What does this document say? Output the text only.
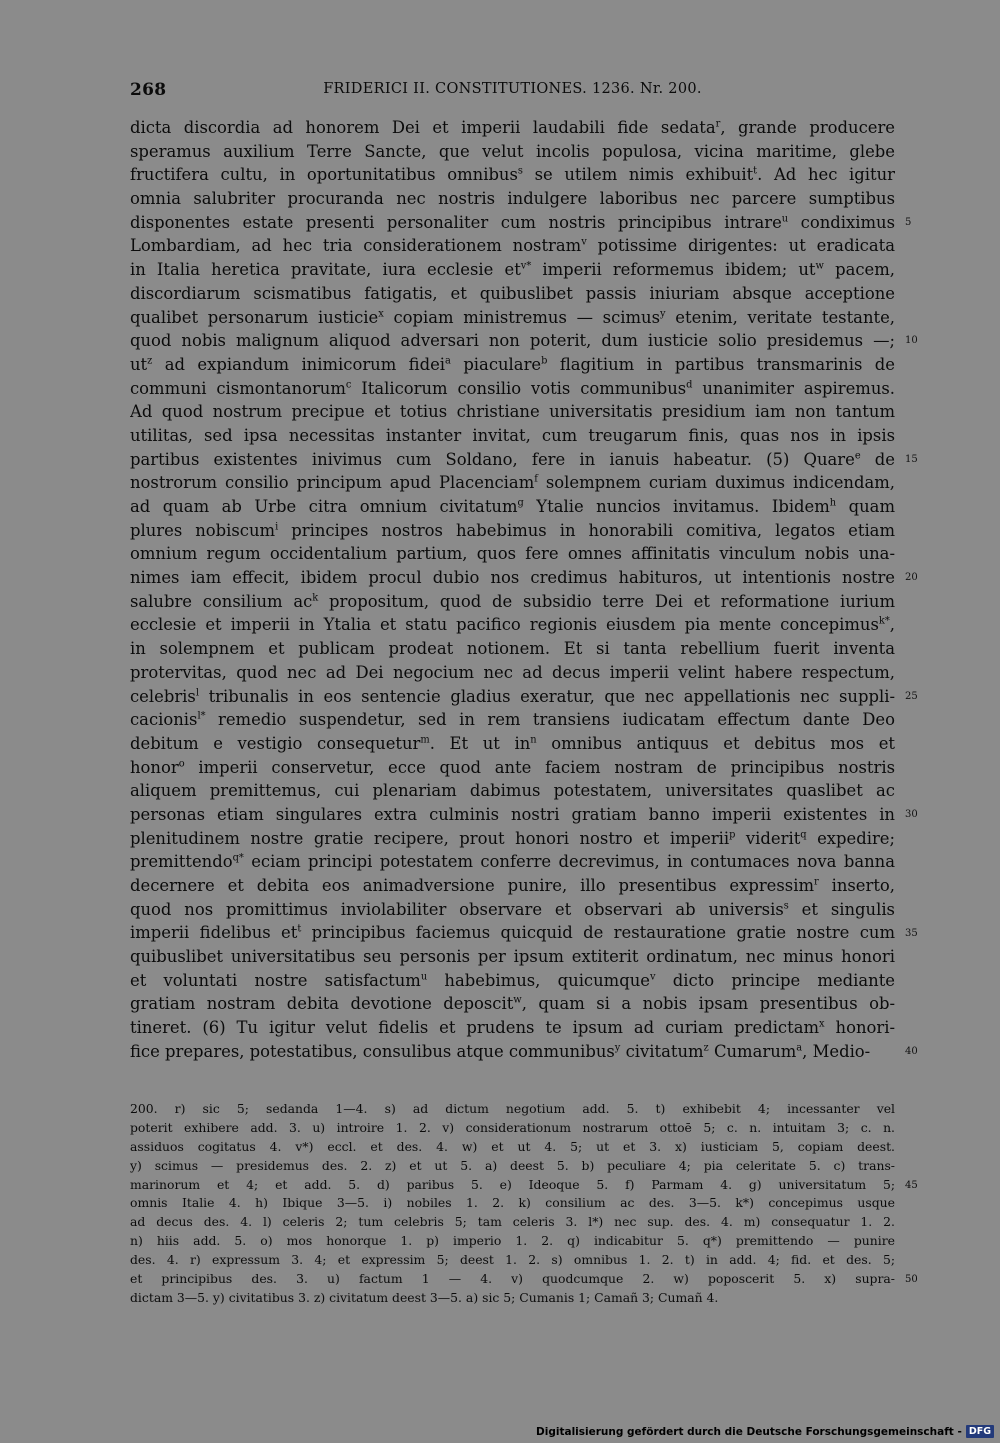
268	FRIDERICI II. CONSTITUTIONES. 1236. Nr. 200.
dicta discordia ad honorem Dei et imperii laudabili fide sedata$^r$, grande producere
speramus auxilium Terre Sancte, que velut incolis populosa, vicina maritime, glebe
fructifera cultu, in oportunitatibus omnibus$^s$ se utilem nimis exhibuit$^t$. Ad hec igitur
omnia salubriter procuranda nec nostris indulgere laboribus nec parcere sumptibus
disponentes estate presenti personaliter cum nostris principibus intrare$^u$ condiximus
Lombardiam, ad hec tria considerationem nostram$^v$ potissime dirigentes: ut eradicata
in Italia heretica pravitate, iura ecclesie $et^{v*}$ imperii reformemus ibidem; $ut^w$ pacem,
discordiarum scismatibus fatigatis, et quibuslibet passis iniuriam absque acceptione
qualibet personarum iusticie$^x$ copiam ministremus — scimus$^y$ etenim, veritate testante,
quod nobis malignum aliquod adversari non poterit, dum iusticie solio presidemus —;
$ut^z$ ad expiandum inimicorum fidei$^a$ piaculare$^b$ flagitium in partibus transmarinis de
communi cismontanorum$^c$ Italicorum consilio votis communibus$^d$ unanimiter aspiremus.
Ad quod nostrum precipue et totius christiane universitatis presidium iam non tantum
utilitas, sed ipsa necessitas instanter invitat, cum treugarum finis, quas nos in ipsis
partibus existentes inivimus cum Soldano, fere in ianuis habeatur. (5) Quare$^e$ de
nostrorum consilio principum apud Placenciam$^f$ solempnem curiam duximus indicendam,
ad quam ab Urbe citra omnium civitatum$^g$ Ytalie nuncios invitamus. Ibidem$^h$ quam
plures nobiscum$^i$ principes nostros habebimus in honorabili comitiva, legatos etiam
omnium regum occidentalium partium, quos fere omnes affinitatis vinculum nobis una-
nimes iam effecit, ibidem procul dubio nos credimus habituros, ut intentionis nostre
salubre consilium $ac^k$ propositum, quod de subsidio terre Dei et reformatione iurium
ecclesie et imperii in Ytalia et statu pacifico regionis eiusdem pia mente concepimus$^{k*}$,
in solempnem et publicam prodeat notionem. Et si tanta rebellium fuerit inventa
protervitas, quod nec ad Dei negocium nec ad decus imperii velint habere respectum,
celebris$^l$ tribunalis in eos sentencie gladius exeratur, que nec appellationis nec suppli-
cacionis$^{l*}$ remedio suspendetur, sed in rem transiens iudicatam effectum dante Deo
debitum e vestigio consequetur$^m$. Et ut $in^n$ omnibus antiquus et debitus mos et
honor$^o$ imperii conservetur, ecce quod ante faciem nostram de principibus nostris
aliquem premittemus, cui plenariam dabimus potestatem, universitates quaslibet ac
personas etiam singulares extra culminis nostri gratiam banno imperii existentes in
plenitudinem nostre gratie recipere, prout honori nostro et imperii$^p$ viderit$^q$ expedire;
premittendo$^{q*}$ eciam principi potestatem conferre decrevimus, in contumaces nova banna
decernere et debita eos animadversione punire, illo presentibus expressim$^r$ inserto,
quod nos promittimus inviolabiliter observare et observari ab universis$^s$ et singulis
imperii fidelibus $et^t$ principibus faciemus quicquid de restauratione gratie nostre cum
quibuslibet universitatibus seu personis per ipsum extiterit ordinatum, nec minus honori
et voluntati nostre satisfactum$^u$ habebimus, quicumque$^v$ dicto principe mediante
gratiam nostram debita devotione deposcit$^w$, quam si a nobis ipsam presentibus ob-
tineret. (6) Tu igitur velut fidelis et prudens te ipsum ad curiam predictam$^x$ honori-
fice prepares, potestatibus, consulibus atque communibus$^y$ civitatum$^z$ Cumarum$^a$, Medio-
5
10
15
20
25
30
35
40
200. r) sic 5; sedanda 1—4. s) ad dictum negotium add. 5. t) exhibebit 4; incessanter vel
poterit exhibere add. 3. u) introire 1. 2. v) considerationum nostrarum ottoē 5; c. n. intuitam 3; c. n.
assiduos cogitatus 4. v*) eccl. et des. 4. w) et ut 4. 5; ut et 3. x) iusticiam 5, copiam deest.
y) scimus — presidemus des. 2. z) et ut 5. a) deest 5. b) peculiare 4; pia celeritate 5. c) trans-
marinorum et 4; et add. 5. d) paribus 5. e) Ideoque 5. f) Parmam 4. g) universitatum 5;
omnis Italie 4. h) Ibique 3—5. i) nobiles 1. 2. k) consilium ac des. 3—5. k*) concepimus usque
ad decus des. 4. l) celeris 2; tum celebris 5; tam celeris 3. l*) nec sup. des. 4. m) consequatur 1. 2.
n) hiis add. 5. o) mos honorque 1. p) imperio 1. 2. q) indicabitur 5. q*) premittendo — punire
des. 4. r) expressum 3. 4; et expressim 5; deest 1. 2. s) omnibus 1. 2. t) in add. 4; fid. et des. 5;
et principibus des. 3. u) factum 1 — 4. v) quodcumque 2. w) poposcerit 5. x) supra-
dictam 3—5. y) civitatibus 3. z) civitatum deest 3—5. a) sic 5; Cumanis 1; Camañ 3; Cumañ 4.
45
50
Digitalisierung gefördert durch die Deutsche Forschungsgemeinschaft - DFG
